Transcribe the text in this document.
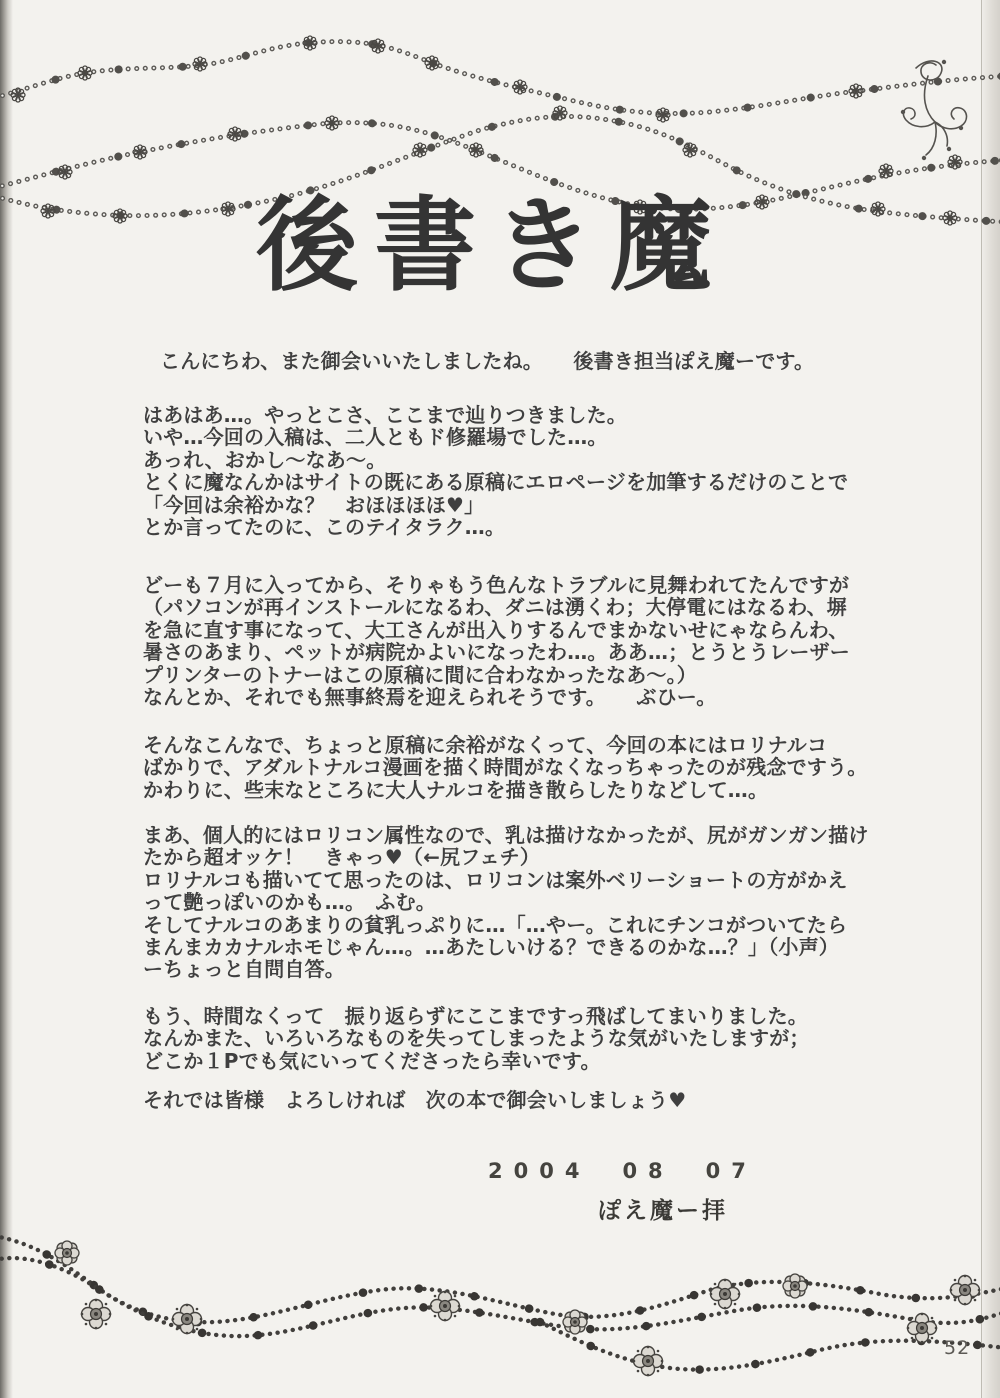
後書き魔
こんにちわ、また御会いいたしましたね。　　後書き担当ぽえ魔ーです。
はあはあ…。やっとこさ、ここまで辿りつきました。
いや…今回の入稿は、二人ともド修羅場でした…。
あっれ、おかし〜なあ〜。
とくに魔なんかはサイトの既にある原稿にエロページを加筆するだけのことで
「今回は余裕かな？　おほほほほ♥」
とか言ってたのに、このテイタラク…。
どーも７月に入ってから、そりゃもう色んなトラブルに見舞われてたんですが
（パソコンが再インストールになるわ、ダニは湧くわ；大停電にはなるわ、塀
を急に直す事になって、大工さんが出入りするんでまかないせにゃならんわ、
暑さのあまり、ペットが病院かよいになったわ…。ああ…；とうとうレーザー
プリンターのトナーはこの原稿に間に合わなかったなあ〜。）
なんとか、それでも無事終焉を迎えられそうです。　　ぶひー。
そんなこんなで、ちょっと原稿に余裕がなくって、今回の本にはロリナルコ
ばかりで、アダルトナルコ漫画を描く時間がなくなっちゃったのが残念ですう。
かわりに、些末なところに大人ナルコを描き散らしたりなどして…。
まあ、個人的にはロリコン属性なので、乳は描けなかったが、尻がガンガン描け
たから超オッケ！　きゃっ♥（←尻フェチ）
ロリナルコも描いてて思ったのは、ロリコンは案外ベリーショートの方がかえ
って艶っぽいのかも…。　ふむ。
そしてナルコのあまりの貧乳っぷりに…「…やー。これにチンコがついてたら
まんまカカナルホモじゃん…。…あたしいける？できるのかな…？」（小声）
ーちょっと自問自答。
もう、時間なくって　振り返らずにここまですっ飛ばしてまいりました。
なんかまた、いろいろなものを失ってしまったような気がいたしますが；
どこか１Pでも気にいってくださったら幸いです。
それでは皆様　よろしければ　次の本で御会いしましょう♥
2004　08　07
ぽえ魔ー拝
52
